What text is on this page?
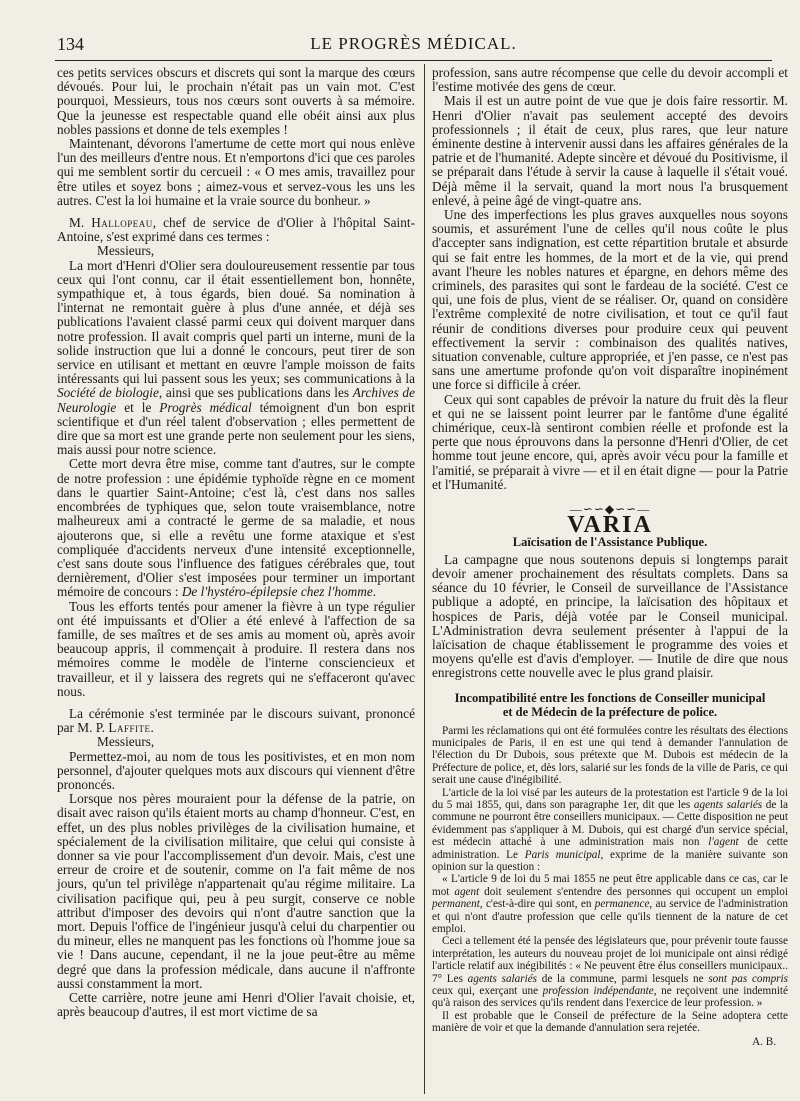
134	LE PROGRÈS MÉDICAL.

ces petits services obscurs et discrets qui sont la marque des cœurs dévoués. Pour lui, le prochain n'était pas un vain mot. C'est pourquoi, Messieurs, tous nos cœurs sont ouverts à sa mémoire. Que la jeunesse est respectable quand elle obéit ainsi aux plus nobles passions et donne de tels exemples !

Maintenant, dévorons l'amertume de cette mort qui nous enlève l'un des meilleurs d'entre nous. Et n'emportons d'ici que ces paroles qui me semblent sortir du cercueil : « O mes amis, travaillez pour être utiles et soyez bons ; aimez-vous et servez-vous les uns les autres. C'est la loi humaine et la vraie source du bonheur. »

M. Hallopeau, chef de service de d'Olier à l'hôpital Saint-Antoine, s'est exprimé dans ces termes :

Messieurs,

La mort d'Henri d'Olier sera douloureusement ressentie par tous ceux qui l'ont connu, car il était essentiellement bon, honnête, sympathique et, à tous égards, bien doué. Sa nomination à l'internat ne remontait guère à plus d'une année, et déjà ses publications l'avaient classé parmi ceux qui doivent marquer dans notre profession. Il avait compris quel parti un interne, muni de la solide instruction que lui a donné le concours, peut tirer de son service en utilisant et mettant en œuvre l'ample moisson de faits intéressants qui lui passent sous les yeux; ses communications à la Société de biologie, ainsi que ses publications dans les Archives de Neurologie et le Progrès médical témoignent d'un bon esprit scientifique et d'un réel talent d'observation ; elles permettent de dire que sa mort est une grande perte non seulement pour les siens, mais aussi pour notre science.

Cette mort devra être mise, comme tant d'autres, sur le compte de notre profession : une épidémie typhoïde règne en ce moment dans le quartier Saint-Antoine; c'est là, c'est dans nos salles encombrées de typhiques que, selon toute vraisemblance, notre malheureux ami a contracté le germe de sa maladie, et nous ajouterons que, si elle a revêtu une forme ataxique et s'est compliquée d'accidents nerveux d'une intensité exceptionnelle, c'est sans doute sous l'influence des fatigues cérébrales que, tout dernièrement, d'Olier s'est imposées pour terminer un important mémoire de concours : De l'hystéro-épilepsie chez l'homme.

Tous les efforts tentés pour amener la fièvre à un type régulier ont été impuissants et d'Olier a été enlevé à l'affection de sa famille, de ses maîtres et de ses amis au moment où, après avoir beaucoup appris, il commençait à produire. Il restera dans nos mémoires comme le modèle de l'interne consciencieux et travailleur, et il y laissera des regrets qui ne s'effaceront qu'avec nous.

La cérémonie s'est terminée par le discours suivant, prononcé par M. P. Laffite.

Messieurs,

Permettez-moi, au nom de tous les positivistes, et en mon nom personnel, d'ajouter quelques mots aux discours qui viennent d'être prononcés.

Lorsque nos pères mouraient pour la défense de la patrie, on disait avec raison qu'ils étaient morts au champ d'honneur. C'est, en effet, un des plus nobles privilèges de la civilisation humaine, et spécialement de la civilisation militaire, que celui qui consiste à donner sa vie pour l'accomplissement d'un devoir. Mais, c'est une erreur de croire et de soutenir, comme on l'a fait même de nos jours, qu'un tel privilège n'appartenait qu'au régime militaire. La civilisation pacifique qui, peu à peu surgit, conserve ce noble attribut d'imposer des devoirs qui n'ont d'autre sanction que la mort. Depuis l'office de l'ingénieur jusqu'à celui du charpentier ou du mineur, elles ne manquent pas les fonctions où l'homme joue sa vie ! Dans aucune, cependant, il ne la joue peut-être au même degré que dans la profession médicale, dans aucune il n'affronte aussi constamment la mort.

Cette carrière, notre jeune ami Henri d'Olier l'avait choisie, et, après beaucoup d'autres, il est mort victime de sa

profession, sans autre récompense que celle du devoir accompli et l'estime motivée des gens de cœur.

Mais il est un autre point de vue que je dois faire ressortir. M. Henri d'Olier n'avait pas seulement accepté des devoirs professionnels ; il était de ceux, plus rares, que leur nature éminente destine à intervenir aussi dans les affaires générales de la patrie et de l'humanité. Adepte sincère et dévoué du Positivisme, il se préparait dans l'étude à servir la cause à laquelle il s'était voué. Déjà même il la servait, quand la mort nous l'a brusquement enlevé, à peine âgé de vingt-quatre ans.

Une des imperfections les plus graves auxquelles nous soyons soumis, et assurément l'une de celles qu'il nous coûte le plus d'accepter sans indignation, est cette répartition brutale et absurde qui se fait entre les hommes, de la mort et de la vie, qui prend avant l'heure les nobles natures et épargne, en dehors même des criminels, des parasites qui sont le fardeau de la société. C'est ce qui, une fois de plus, vient de se réaliser. Or, quand on considère l'extrême complexité de notre civilisation, et tout ce qu'il faut réunir de conditions diverses pour produire ceux qui peuvent effectivement la servir : combinaison des qualités natives, situation convenable, culture appropriée, et j'en passe, ce n'est pas sans une amertume profonde qu'on voit disparaître inopinément une force si difficile à créer.

Ceux qui sont capables de prévoir la nature du fruit dès la fleur et qui ne se laissent point leurrer par le fantôme d'une égalité chimérique, ceux-là sentiront combien réelle et profonde est la perte que nous éprouvons dans la personne d'Henri d'Olier, de cet homme tout jeune encore, qui, après avoir vécu pour la famille et l'amitié, se préparait à vivre — et il en était digne — pour la Patrie et l'Humanité.

—∽∽◆∽∽—
VARIA
Laïcisation de l'Assistance Publique.

La campagne que nous soutenons depuis si longtemps parait devoir amener prochainement des résultats complets. Dans sa séance du 10 février, le Conseil de surveillance de l'Assistance publique a adopté, en principe, la laïcisation des hôpitaux et hospices de Paris, déjà votée par le Conseil municipal. L'Administration devra seulement présenter à l'appui de la laïcisation de chaque établissement le programme des voies et moyens qu'elle est d'avis d'employer. — Inutile de dire que nous enregistrons cette nouvelle avec le plus grand plaisir.

Incompatibilité entre les fonctions de Conseiller municipal
et de Médecin de la préfecture de police.

Parmi les réclamations qui ont été formulées contre les résultats des élections municipales de Paris, il en est une qui tend à demander l'annulation de l'élection du Dr Dubois, sous prétexte que M. Dubois est médecin de la Préfecture de police, et, dès lors, salarié sur les fonds de la ville de Paris, ce qui serait une cause d'inégibilité.

L'article de la loi visé par les auteurs de la protestation est l'article 9 de la loi du 5 mai 1855, qui, dans son paragraphe 1er, dit que les agents salariés de la commune ne pourront être conseillers municipaux. — Cette disposition ne peut évidemment pas s'appliquer à M. Dubois, qui est chargé d'un service spécial, est médecin attaché à une administration mais non l'agent de cette administration. Le Paris municipal, exprime de la manière suivante son opinion sur la question :

« L'article 9 de loi du 5 mai 1855 ne peut être applicable dans ce cas, car le mot agent doit seulement s'entendre des personnes qui occupent un emploi permanent, c'est-à-dire qui sont, en permanence, au service de l'administration et qui n'ont d'autre profession que celle qu'ils tiennent de la nature de cet emploi.

Ceci a tellement été la pensée des législateurs que, pour prévenir toute fausse interprétation, les auteurs du nouveau projet de loi municipale ont ainsi rédigé l'article relatif aux inégibilités : « Ne peuvent être élus conseillers municipaux.. 7° Les agents salariés de la commune, parmi lesquels ne sont pas compris ceux qui, exerçant une profession indépendante, ne reçoivent une indemnité qu'à raison des services qu'ils rendent dans l'exercice de leur profession. »

Il est probable que le Conseil de préfecture de la Seine adoptera cette manière de voir et que la demande d'annulation sera rejetée.

A. B.
